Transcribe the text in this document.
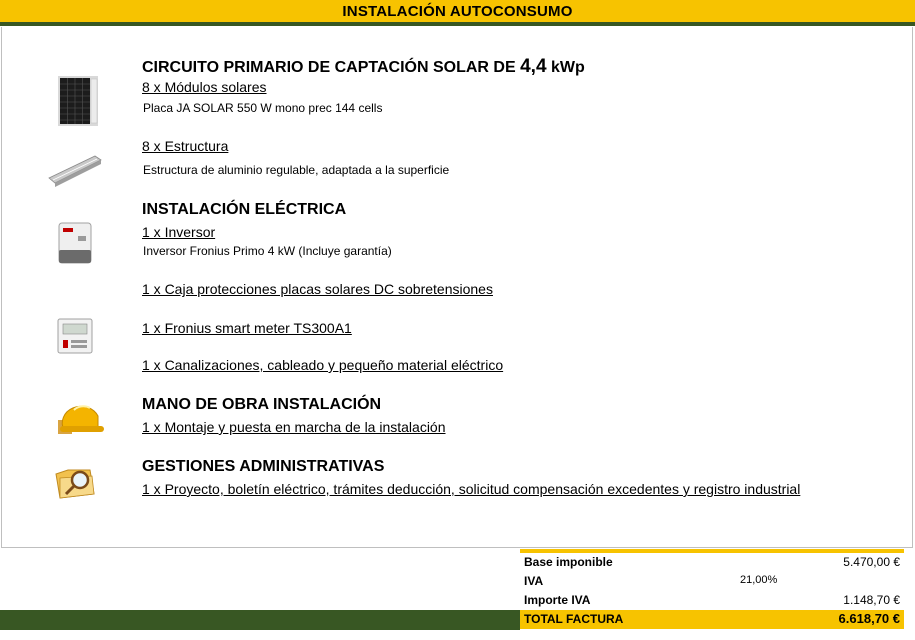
INSTALACIÓN AUTOCONSUMO
CIRCUITO PRIMARIO DE CAPTACIÓN SOLAR DE 4,4 kWp
8 x Módulos solares
Placa JA SOLAR 550 W mono prec 144 cells
8 x Estructura
Estructura de aluminio regulable, adaptada a la superficie
INSTALACIÓN ELÉCTRICA
1 x Inversor
Inversor Fronius Primo 4 kW (Incluye garantía)
1 x Caja protecciones placas solares DC sobretensiones
1 x Fronius smart meter TS300A1
1 x Canalizaciones, cableado y pequeño material eléctrico
MANO DE OBRA INSTALACIÓN
1 x Montaje y puesta en marcha de la instalación
GESTIONES ADMINISTRATIVAS
1 x Proyecto, boletín eléctrico, trámites deducción, solicitud compensación excedentes y registro industrial
Base imponible	5.470,00 €
IVA	21,00%
Importe IVA	1.148,70 €
TOTAL FACTURA	6.618,70 €
